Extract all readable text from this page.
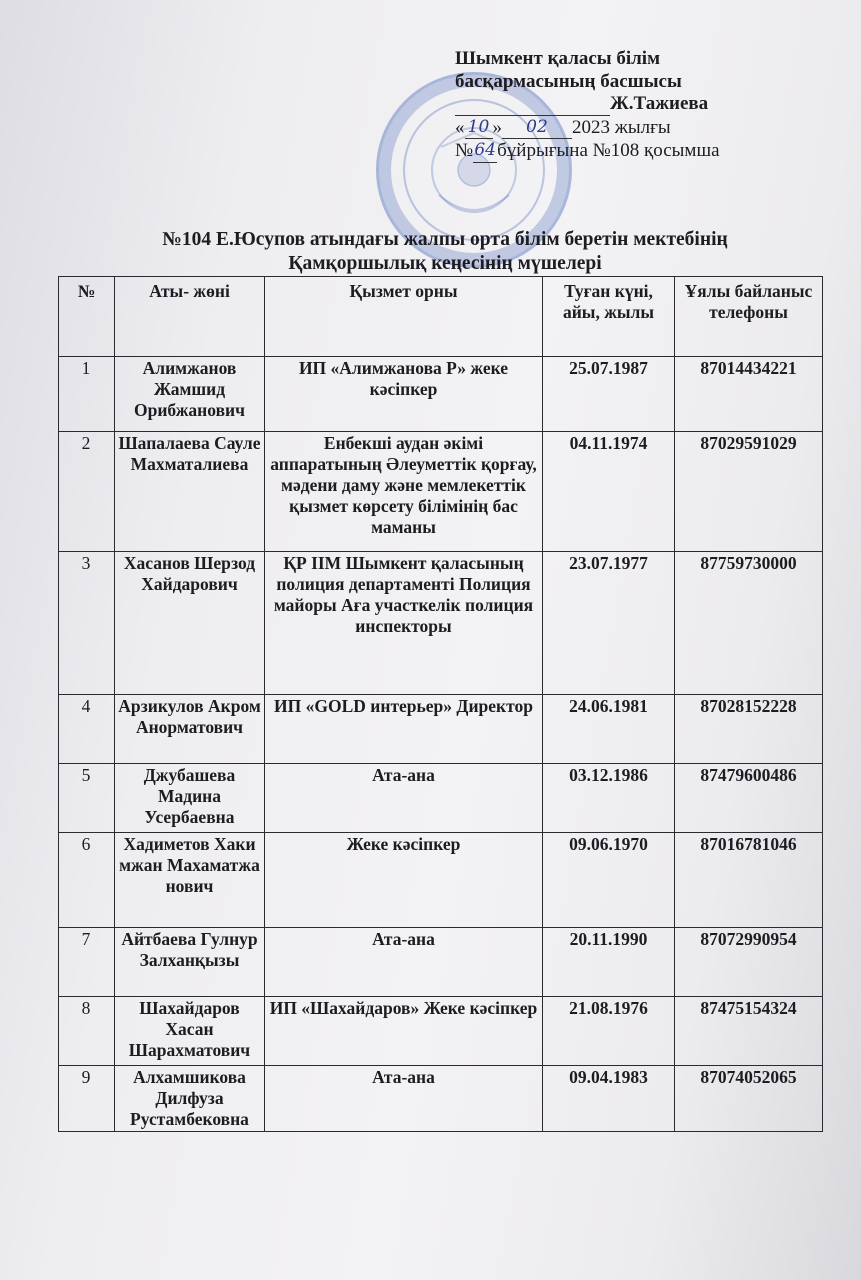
Шымкент қаласы білім
басқармасының басшысы
Ж.Тажиева
« 10 » 02 2023 жылғы
№64бұйрығына №108 қосымша
№104 Е.Юсупов атындағы жалпы орта білім беретін мектебінің
Қамқоршылық кеңесінің мүшелері
№	Аты- жөні	Қызмет орны	Туған күні, айы, жылы	Ұялы байланыс телефоны
1	Алимжанов Жамшид Орибжанович	ИП «Алимжанова Р» жеке кәсіпкер	25.07.1987	87014434221
2	Шапалаева Сауле Махматалиевa	Енбекші аудан әкімі аппаратының Әлеуметтік қорғау, мәдени даму және мемлекеттік қызмет көрсету білімінің бас маманы	04.11.1974	87029591029
3	Хасанов Шерзод Хайдарович	ҚР ІІМ Шымкент қаласының полиция департаменті Полиция майоры Аға участкелік полиция инспекторы	23.07.1977	87759730000
4	Арзикулов Акром Анорматович	ИП «GOLD интерьер» Директор	24.06.1981	87028152228
5	Джубашева Мадина Усербаевна	Ата-ана	03.12.1986	87479600486
6	Хадиметов Хакимжан Махаматжанович	Жеке кәсіпкер	09.06.1970	87016781046
7	Айтбаева Гулнур Залханқызы	Ата-ана	20.11.1990	87072990954
8	Шахайдаров Хасан Шарахматович	ИП «Шахайдаров» Жеке кәсіпкер	21.08.1976	87475154324
9	Алхамшикова Дилфуза Рустамбековна	Ата-ана	09.04.1983	87074052065
